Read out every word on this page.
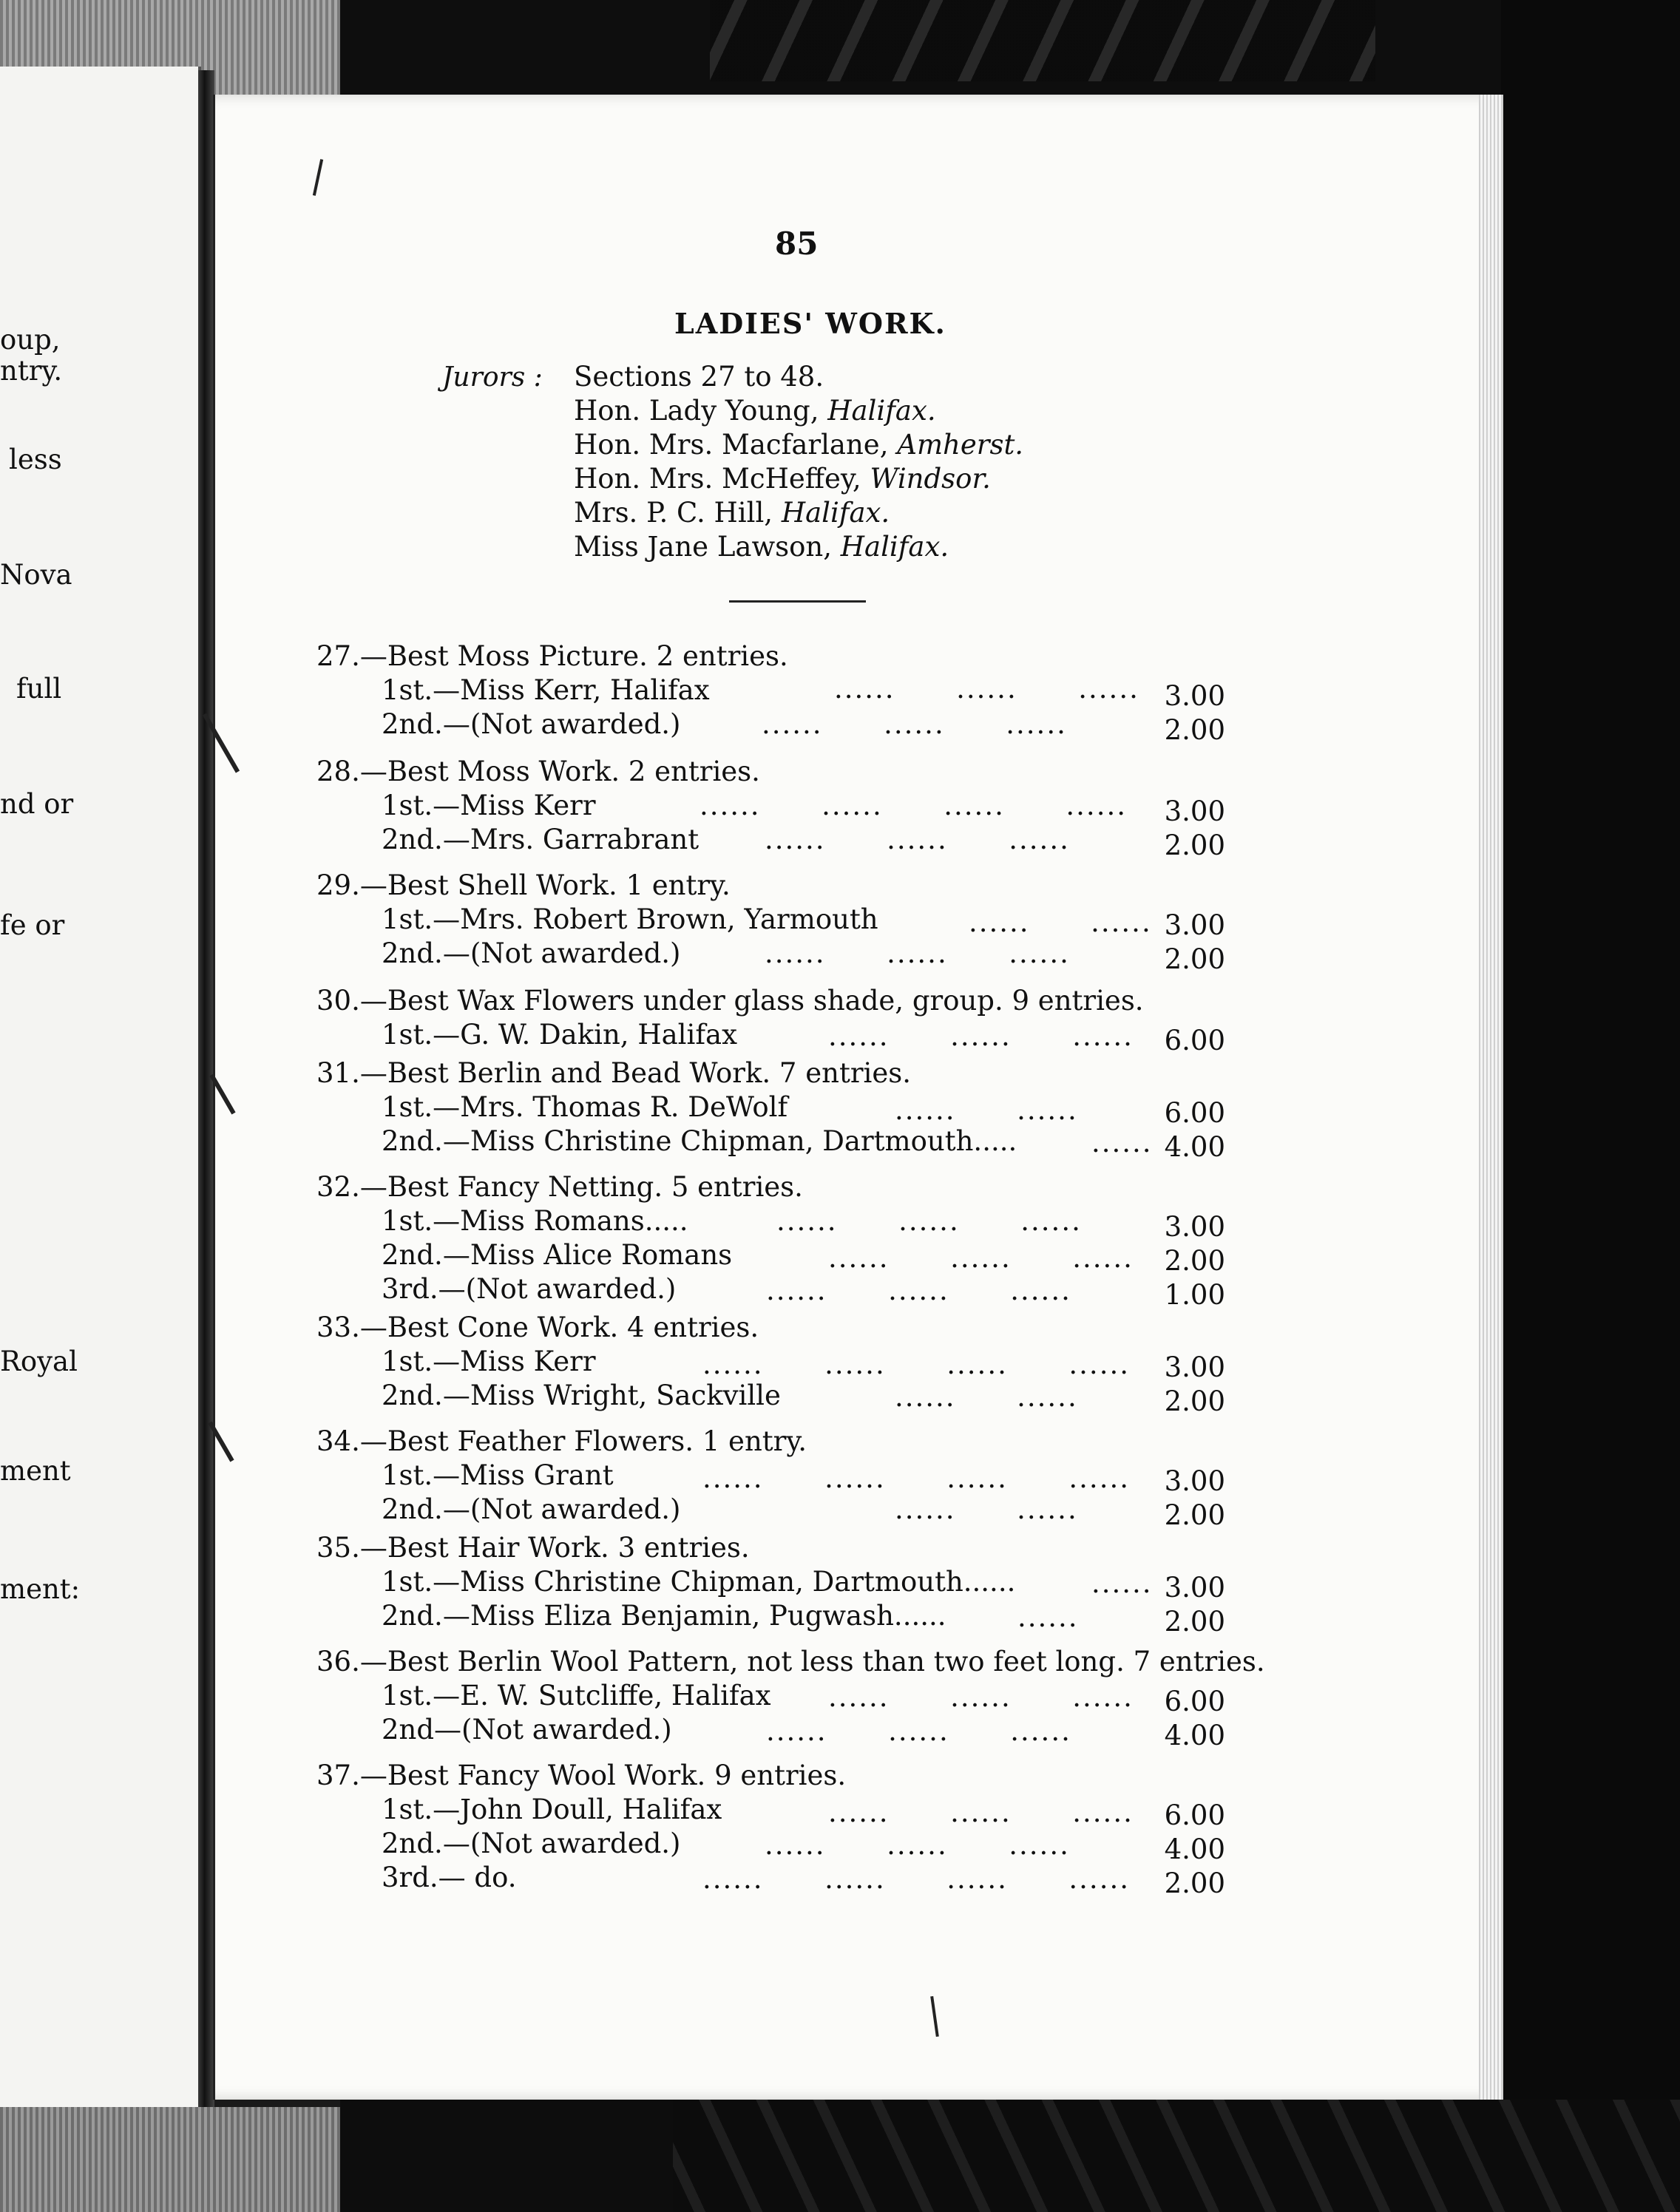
oup,
ntry.
less
Nova
full
nd or
fe or
Royal
ment
ment:
85
LADIES' WORK.
Jurors : Sections 27 to 48.
Hon. Lady Young, Halifax.
Hon. Mrs. Macfarlane, Amherst.
Hon. Mrs. McHeffey, Windsor.
Mrs. P. C. Hill, Halifax.
Miss Jane Lawson, Halifax.
27.—Best Moss Picture. 2 entries.
1st.—Miss Kerr, Halifax	......      ......      ...... 3.00
2nd.—(Not awarded.)	......      ......      ......	2.00
28.—Best Moss Work. 2 entries.
1st.—Miss Kerr	......      ......      ......      ...... 3.00
2nd.—Mrs. Garrabrant ......      ......      ......	2.00
29.—Best Shell Work. 1 entry.
1st.—Mrs. Robert Brown, Yarmouth	......      ...... 3.00
2nd.—(Not awarded.)	......      ......      ......	2.00
30.—Best Wax Flowers under glass shade, group. 9 entries.
1st.—G. W. Dakin, Halifax	......      ......      ...... 6.00
31.—Best Berlin and Bead Work. 7 entries.
1st.—Mrs. Thomas R. DeWolf	......      ......	6.00
2nd.—Miss Christine Chipman, Dartmouth.....	...... 4.00
32.—Best Fancy Netting. 5 entries.
1st.—Miss Romans.....	......      ......      ......	3.00
2nd.—Miss Alice Romans	......      ......      ...... 2.00
3rd.—(Not awarded.)	......      ......      ......	1.00
33.—Best Cone Work. 4 entries.
1st.—Miss Kerr	......      ......      ......      ...... 3.00
2nd.—Miss Wright, Sackville	......      ......	2.00
34.—Best Feather Flowers. 1 entry.
1st.—Miss Grant	......      ......      ......      ...... 3.00
2nd.—(Not awarded.)	......      ......	2.00
35.—Best Hair Work. 3 entries.
1st.—Miss Christine Chipman, Dartmouth......	...... 3.00
2nd.—Miss Eliza Benjamin, Pugwash......	......	2.00
36.—Best Berlin Wool Pattern, not less than two feet long. 7 entries.
1st.—E. W. Sutcliffe, Halifax ......      ......      ...... 6.00
2nd—(Not awarded.)	......      ......      ......	4.00
37.—Best Fancy Wool Work. 9 entries.
1st.—John Doull, Halifax	......      ......      ...... 6.00
2nd.—(Not awarded.)	......      ......      ......	4.00
3rd.— do.	......      ......      ......      ...... 2.00
